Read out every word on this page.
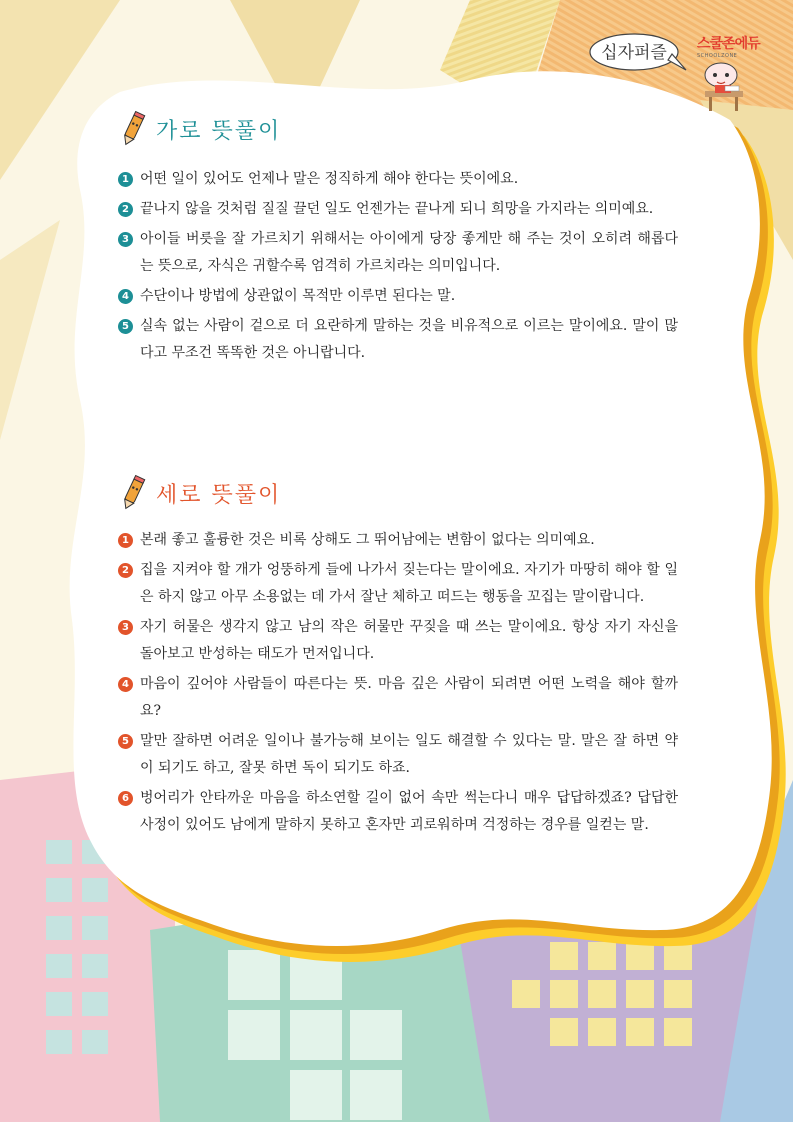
십자퍼즐	스쿨존에듀
SCHOOLZONE
가로 뜻풀이
1 어떤 일이 있어도 언제나 말은 정직하게 해야 한다는 뜻이에요.
2 끝나지 않을 것처럼 질질 끌던 일도 언젠가는 끝나게 되니 희망을 가지라는 의미예요.
3 아이들 버릇을 잘 가르치기 위해서는 아이에게 당장 좋게만 해 주는 것이 오히려 해롭다는 뜻으로, 자식은 귀할수록 엄격히 가르치라는 의미입니다.
4 수단이나 방법에 상관없이 목적만 이루면 된다는 말.
5 실속 없는 사람이 겉으로 더 요란하게 말하는 것을 비유적으로 이르는 말이에요. 말이 많다고 무조건 똑똑한 것은 아니랍니다.
세로 뜻풀이
1 본래 좋고 훌륭한 것은 비록 상해도 그 뛰어남에는 변함이 없다는 의미예요.
2 집을 지켜야 할 개가 엉뚱하게 들에 나가서 짖는다는 말이에요. 자기가 마땅히 해야 할 일은 하지 않고 아무 소용없는 데 가서 잘난 체하고 떠드는 행동을 꼬집는 말이랍니다.
3 자기 허물은 생각지 않고 남의 작은 허물만 꾸짖을 때 쓰는 말이에요. 항상 자기 자신을 돌아보고 반성하는 태도가 먼저입니다.
4 마음이 깊어야 사람들이 따른다는 뜻. 마음 깊은 사람이 되려면 어떤 노력을 해야 할까요?
5 말만 잘하면 어려운 일이나 불가능해 보이는 일도 해결할 수 있다는 말. 말은 잘 하면 약이 되기도 하고, 잘못 하면 독이 되기도 하죠.
6 벙어리가 안타까운 마음을 하소연할 길이 없어 속만 썩는다니 매우 답답하겠죠? 답답한 사정이 있어도 남에게 말하지 못하고 혼자만 괴로워하며 걱정하는 경우를 일컫는 말.
